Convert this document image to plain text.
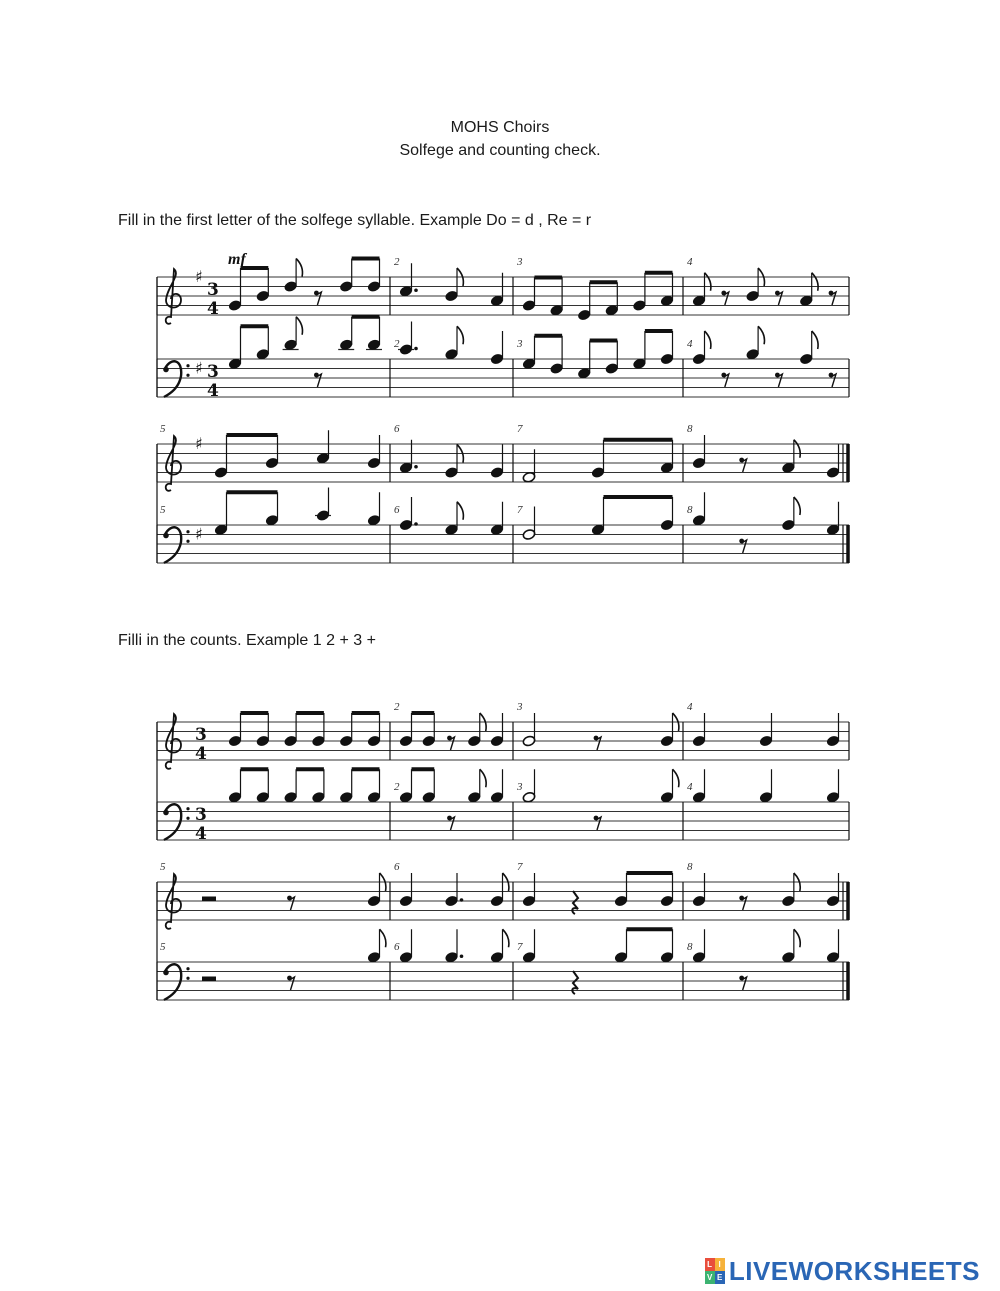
MOHS Choirs
Solfege and counting check.
Fill in the first letter of the solfege syllable. Example Do = d , Re = r
Filli in the counts. Example 1 2 + 3 +
♯
3
4
2	3	4
♯ 3
4
2	3	4
♯
5	6	7	8
♯
5	6	7	8
3
4
2	3	4
3
4
2	3	4
5	6	7	8
5	6	7	8
mf
L I
V E LIVEWORKSHEETS
